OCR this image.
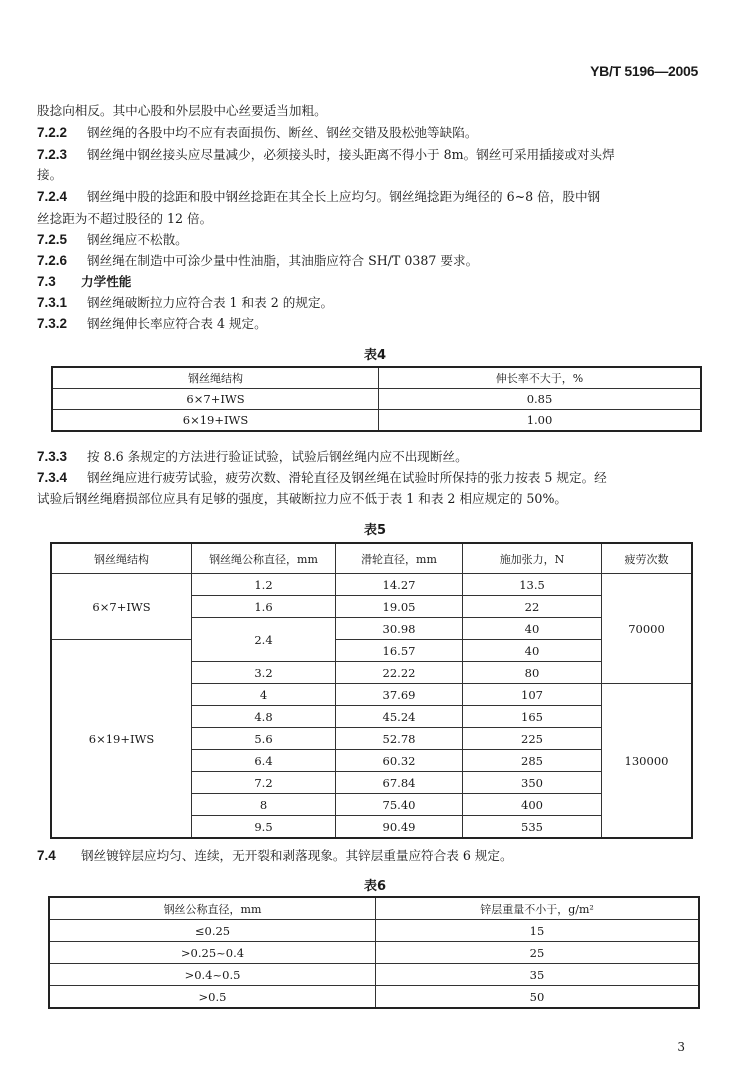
YB/T 5196—2005
股捻向相反。其中心股和外层股中心丝要适当加粗。
7.2.2 钢丝绳的各股中均不应有表面损伤、断丝、钢丝交错及股松弛等缺陷。
7.2.3 钢丝绳中钢丝接头应尽量减少，必须接头时，接头距离不得小于 8m。钢丝可采用插接或对头焊
接。
7.2.4 钢丝绳中股的捻距和股中钢丝捻距在其全长上应均匀。钢丝绳捻距为绳径的 6~8 倍，股中钢
丝捻距为不超过股径的 12 倍。
7.2.5 钢丝绳应不松散。
7.2.6 钢丝绳在制造中可涂少量中性油脂，其油脂应符合 SH/T 0387 要求。
7.3 力学性能
7.3.1 钢丝绳破断拉力应符合表 1 和表 2 的规定。
7.3.2 钢丝绳伸长率应符合表 4 规定。
表4
钢丝绳结构	伸长率不大于，%
6×7+IWS	0.85
6×19+IWS	1.00
7.3.3 按 8.6 条规定的方法进行验证试验，试验后钢丝绳内应不出现断丝。
7.3.4 钢丝绳应进行疲劳试验，疲劳次数、滑轮直径及钢丝绳在试验时所保持的张力按表 5 规定。经
试验后钢丝绳磨损部位应具有足够的强度，其破断拉力应不低于表 1 和表 2 相应规定的 50%。
表5
钢丝绳结构	钢丝绳公称直径，mm	滑轮直径，mm	施加张力，N	疲劳次数
6×7+IWS	1.2	14.27	13.5	70000
	1.6	19.05	22	
	2.4	30.98	40	
6×19+IWS		16.57	40	
	3.2	22.22	80	
	4	37.69	107	130000
	4.8	45.24	165	
	5.6	52.78	225	
	6.4	60.32	285	
	7.2	67.84	350	
	8	75.40	400	
	9.5	90.49	535	
7.4 钢丝镀锌层应均匀、连续，无开裂和剥落现象。其锌层重量应符合表 6 规定。
表6
钢丝公称直径，mm	锌层重量不小于，g/m²
≤0.25	15
>0.25~0.4	25
>0.4~0.5	35
>0.5	50
3
